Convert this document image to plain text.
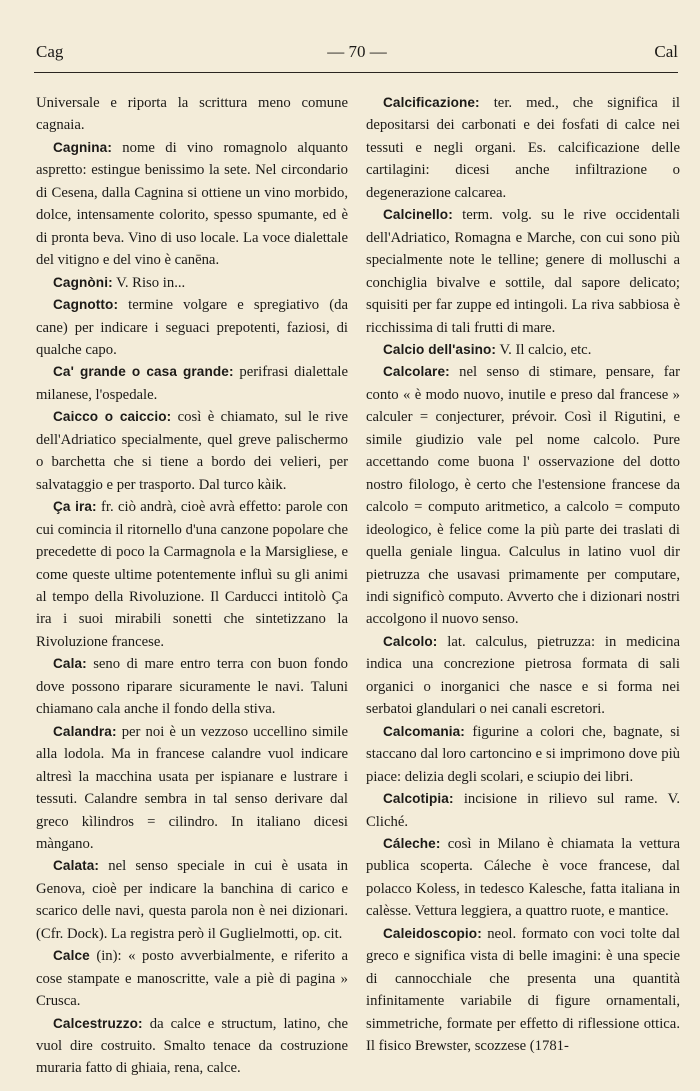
Cag	— 70 —	Cal

Universale e riporta la scrittura meno comune cagnaia.

Cagnina: nome di vino romagnolo alquanto aspretto: estingue benissimo la sete. Nel circondario di Cesena, dalla Cagnina si ottiene un vino morbido, dolce, intensamente colorito, spesso spumante, ed è di pronta beva. Vino di uso locale. La voce dialettale del vitigno e del vino è canēna.

Cagnòni: V. Riso in...

Cagnotto: termine volgare e spregiativo (da cane) per indicare i seguaci prepotenti, faziosi, di qualche capo.

Ca' grande o casa grande: perifrasi dialettale milanese, l'ospedale.

Caicco o caiccio: così è chiamato, sul le rive dell'Adriatico specialmente, quel greve palischermo o barchetta che si tiene a bordo dei velieri, per salvataggio e per trasporto. Dal turco kàik.

Ça ira: fr. ciò andrà, cioè avrà effetto: parole con cui comincia il ritornello d'una canzone popolare che precedette di poco la Carmagnola e la Marsigliese, e come queste ultime potentemente influì su gli animi al tempo della Rivoluzione. Il Carducci intitolò Ça ira i suoi mirabili sonetti che sintetizzano la Rivoluzione francese.

Cala: seno di mare entro terra con buon fondo dove possono riparare sicuramente le navi. Taluni chiamano cala anche il fondo della stiva.

Calandra: per noi è un vezzoso uccellino simile alla lodola. Ma in francese calandre vuol indicare altresì la macchina usata per ispianare e lustrare i tessuti. Calandre sembra in tal senso derivare dal greco kìlindros = cilindro. In italiano dicesi màngano.

Calata: nel senso speciale in cui è usata in Genova, cioè per indicare la banchina di carico e scarico delle navi, questa parola non è nei dizionari. (Cfr. Dock). La registra però il Guglielmotti, op. cit.

Calce (in): « posto avverbialmente, e riferito a cose stampate e manoscritte, vale a piè di pagina » Crusca.

Calcestruzzo: da calce e structum, latino, che vuol dire costruito. Smalto tenace da costruzione muraria fatto di ghiaia, rena, calce.

Calcificazione: ter. med., che significa il depositarsi dei carbonati e dei fosfati di calce nei tessuti e negli organi. Es. calcificazione delle cartilagini: dicesi anche infiltrazione o degenerazione calcarea.

Calcinello: term. volg. su le rive occidentali dell'Adriatico, Romagna e Marche, con cui sono più specialmente note le telline; genere di molluschi a conchiglia bivalve e sottile, dal sapore delicato; squisiti per far zuppe ed intingoli. La riva sabbiosa è ricchissima di tali frutti di mare.

Calcio dell'asino: V. Il calcio, etc.

Calcolare: nel senso di stimare, pensare, far conto « è modo nuovo, inutile e preso dal francese » calculer = conjecturer, prévoir. Così il Rigutini, e simile giudizio vale pel nome calcolo. Pure accettando come buona l' osservazione del dotto nostro filologo, è certo che l'estensione francese da calcolo = computo aritmetico, a calcolo = computo ideologico, è felice come la più parte dei traslati di quella geniale lingua. Calculus in latino vuol dir pietruzza che usavasi primamente per computare, indi significò computo. Avverto che i dizionari nostri accolgono il nuovo senso.

Calcolo: lat. calculus, pietruzza: in medicina indica una concrezione pietrosa formata di sali organici o inorganici che nasce e si forma nei serbatoi glandulari o nei canali escretori.

Calcomania: figurine a colori che, bagnate, si staccano dal loro cartoncino e si imprimono dove più piace: delizia degli scolari, e sciupio dei libri.

Calcotipia: incisione in rilievo sul rame. V. Cliché.

Cáleche: così in Milano è chiamata la vettura publica scoperta. Cáleche è voce francese, dal polacco Koless, in tedesco Kalesche, fatta italiana in calèsse. Vettura leggiera, a quattro ruote, e mantice.

Caleidoscopio: neol. formato con voci tolte dal greco e significa vista di belle imagini: è una specie di cannocchiale che presenta una quantità infinitamente variabile di figure ornamentali, simmetriche, formate per effetto di riflessione ottica. Il fisico Brewster, scozzese (1781-
